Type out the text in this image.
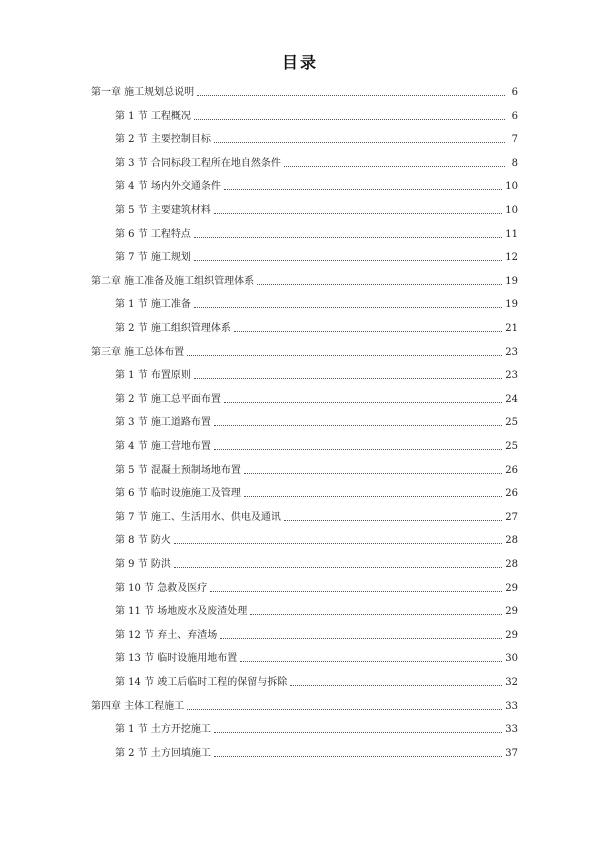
目录
第一章 施工规划总说明	6
第 1 节 工程概况	6
第 2 节 主要控制目标	7
第 3 节 合同标段工程所在地自然条件	8
第 4 节 场内外交通条件	10
第 5 节 主要建筑材料	10
第 6 节 工程特点	11
第 7 节 施工规划	12
第二章 施工准备及施工组织管理体系	19
第 1 节 施工准备	19
第 2 节 施工组织管理体系	21
第三章 施工总体布置	23
第 1 节 布置原则	23
第 2 节 施工总平面布置	24
第 3 节 施工道路布置	25
第 4 节 施工营地布置	25
第 5 节 混凝土预制场地布置	26
第 6 节 临时设施施工及管理	26
第 7 节 施工、生活用水、供电及通讯	27
第 8 节 防火	28
第 9 节 防洪	28
第 10 节 急救及医疗	29
第 11 节 场地废水及废渣处理	29
第 12 节 弃土、弃渣场	29
第 13 节 临时设施用地布置	30
第 14 节 竣工后临时工程的保留与拆除	32
第四章 主体工程施工	33
第 1 节 土方开挖施工	33
第 2 节 土方回填施工	37
